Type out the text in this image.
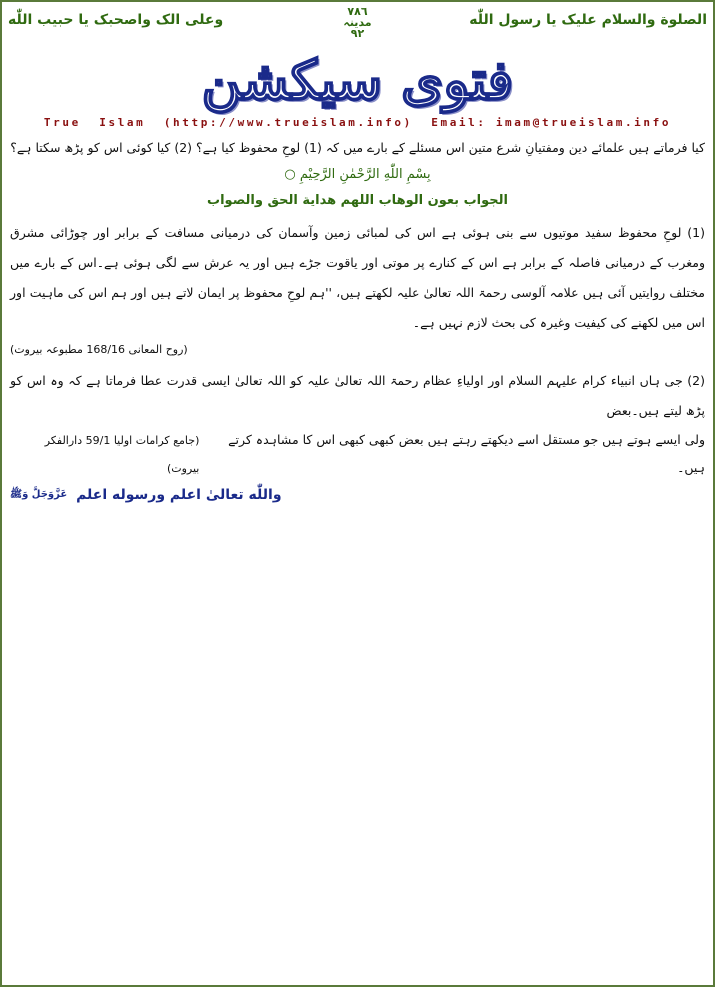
وعلى الک واصحبک يا حبيب اللّٰه
٧٨٦
مدینہ
٩٢
الصلوة والسلام عليک يا رسول اللّٰه
فتوی سیکشن
True  Islam  (http://www.trueislam.info)  Email: imam@trueislam.info
کیا فرماتے ہیں علمائے دین ومفتیانِ شرع متین اس مسئلے کے بارے میں کہ (1) لوحِ محفوظ کیا ہے؟ (2) کیا کوئی اس کو پڑھ سکتا ہے؟
بِسْمِ اللّٰهِ الرَّحْمٰنِ الرَّحِیْمِ ○
الجواب بعون الوهاب اللهم هداية الحق والصواب
(1) لوحِ محفوظ سفید موتیوں سے بنی ہوئی ہے اس کی لمبائی زمین وآسمان کی درمیانی مسافت کے برابر اور چوڑائی مشرق ومغرب کے درمیانی فاصلہ کے برابر ہے اس کے کنارے پر موتی اور یاقوت جڑے ہیں اور یہ عرش سے لگی ہوئی ہے۔اس کے بارے میں مختلف روایتیں آئی ہیں علامہ آلوسی رحمۃ اللہ تعالیٰ علیہ لکھتے ہیں، ''ہم لوحِ محفوظ پر ایمان لاتے ہیں اور ہم اس کی ماہیت اور اس میں لکھنے کی کیفیت وغیرہ کی بحث لازم نہیں ہے۔
(روح المعانی 168/16 مطبوعہ بیروت)
(2) جی ہاں انبیاء کرام علیہم السلام اور اولیاءِ عظام رحمۃ اللہ تعالیٰ علیہ کو اللہ تعالیٰ ایسی قدرت عطا فرماتا ہے کہ وہ اس کو پڑھ لیتے ہیں۔بعض
(جامع کرامات اولیا 59/1 دارالفکر بیروت)
ولی ایسے ہوتے ہیں جو مستقل اسے دیکھتے رہتے ہیں بعض کبھی کبھی اس کا مشاہدہ کرتے ہیں۔
واللّٰه تعالىٰ اعلم ورسوله اعلم عَزَّوَجَلَّ وَﷺ
